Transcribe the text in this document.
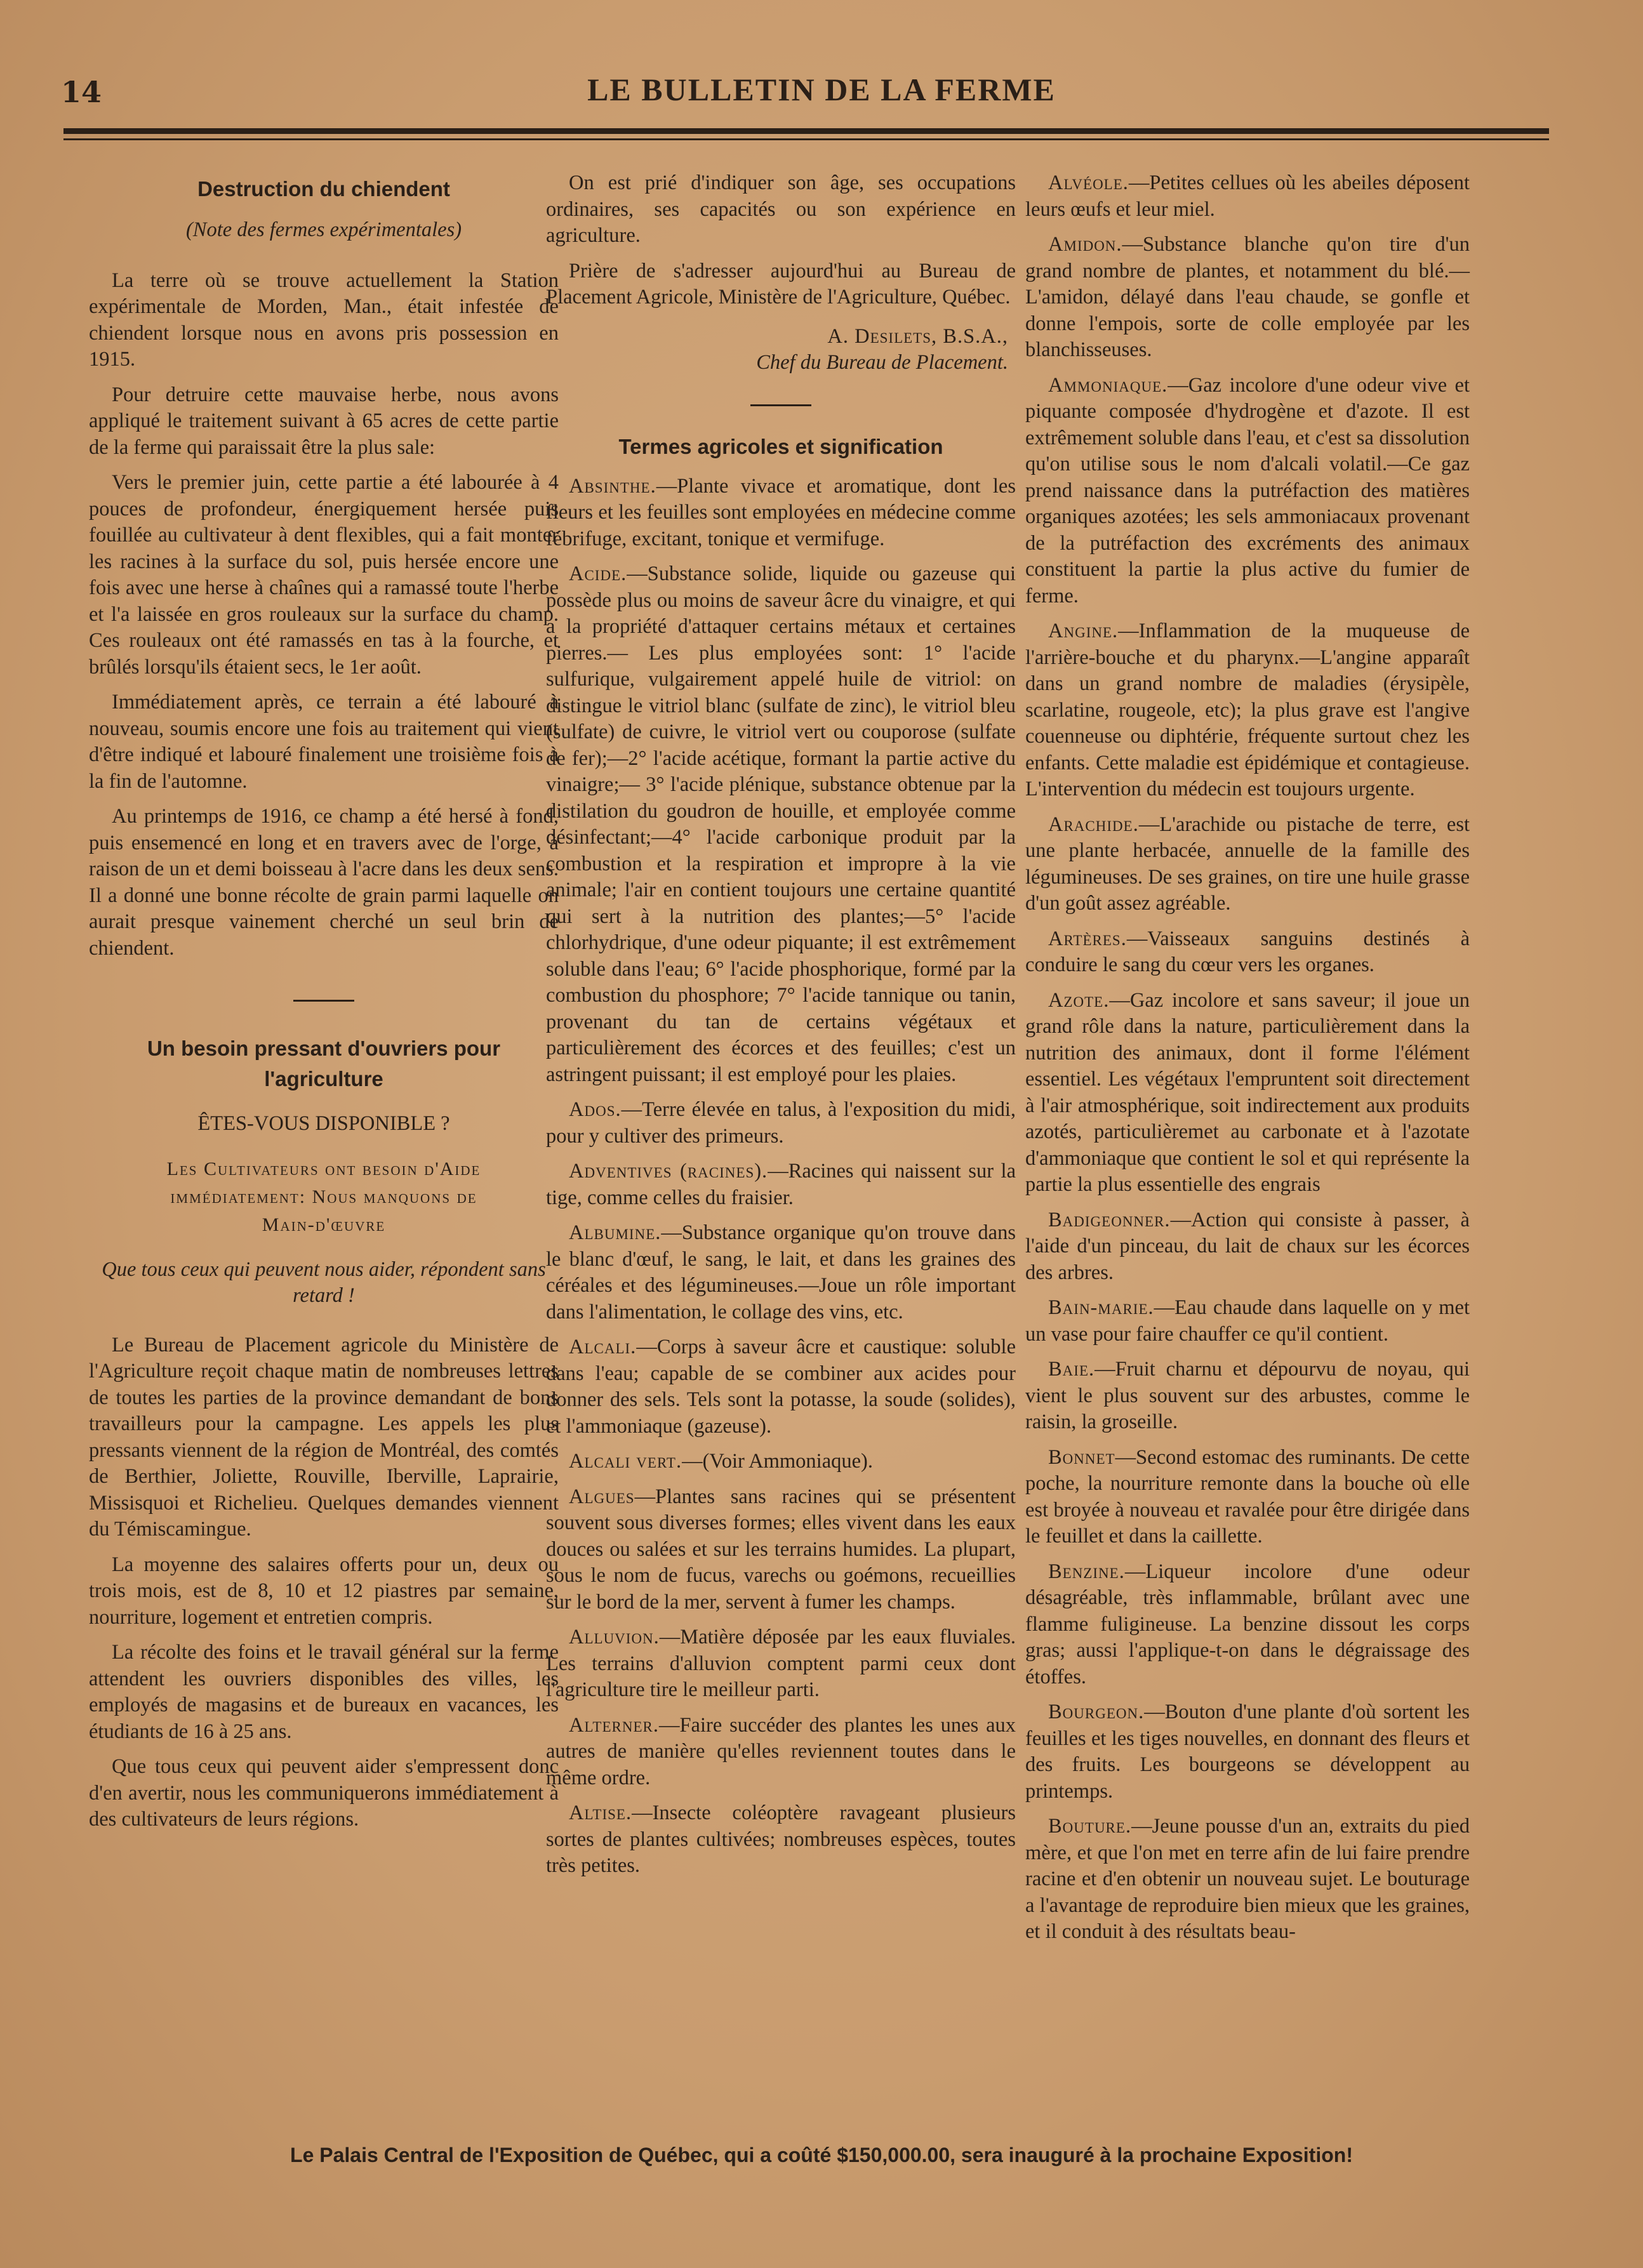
14	LE BULLETIN DE LA FERME
Destruction du chiendent
(Note des fermes expérimentales)

La terre où se trouve actuellement la Station expérimentale de Morden, Man., était infestée de chiendent lorsque nous en avons pris possession en 1915.

Pour detruire cette mauvaise herbe, nous avons appliqué le traitement suivant à 65 acres de cette partie de la ferme qui paraissait être la plus sale:

Vers le premier juin, cette partie a été labourée à 4 pouces de profondeur, énergiquement hersée puis fouillée au cultivateur à dent flexibles, qui a fait monter les racines à la surface du sol, puis hersée encore une fois avec une herse à chaînes qui a ramassé toute l'herbe et l'a laissée en gros rouleaux sur la surface du champ. Ces rouleaux ont été ramassés en tas à la fourche, et brûlés lorsqu'ils étaient secs, le 1er août.

Immédiatement après, ce terrain a été labouré à nouveau, soumis encore une fois au traitement qui vient d'être indiqué et labouré finalement une troisième fois à la fin de l'automne.

Au printemps de 1916, ce champ a été hersé à fond, puis ensemencé en long et en travers avec de l'orge, à raison de un et demi boisseau à l'acre dans les deux sens. Il a donné une bonne récolte de grain parmi laquelle on aurait presque vainement cherché un seul brin de chiendent.

Un besoin pressant d'ouvriers pour
l'agriculture
ÊTES-VOUS DISPONIBLE ?
Les Cultivateurs ont besoin d'Aide
immédiatement: Nous manquons de
Main-d'œuvre
Que tous ceux qui peuvent nous aider, répondent sans retard !

Le Bureau de Placement agricole du Ministère de l'Agriculture reçoit chaque matin de nombreuses lettres de toutes les parties de la province demandant de bons travailleurs pour la campagne. Les appels les plus pressants viennent de la région de Montréal, des comtés de Berthier, Joliette, Rouville, Iberville, Laprairie, Missisquoi et Richelieu. Quelques demandes viennent du Témiscamingue.

La moyenne des salaires offerts pour un, deux ou trois mois, est de 8, 10 et 12 piastres par semaine, nourriture, logement et entretien compris.

La récolte des foins et le travail général sur la ferme attendent les ouvriers disponibles des villes, les employés de magasins et de bureaux en vacances, les étudiants de 16 à 25 ans.

Que tous ceux qui peuvent aider s'empressent donc d'en avertir, nous les communiquerons immédiatement à des cultivateurs de leurs régions.

On est prié d'indiquer son âge, ses occupations ordinaires, ses capacités ou son expérience en agriculture.

Prière de s'adresser aujourd'hui au Bureau de Placement Agricole, Ministère de l'Agriculture, Québec.

A. Desilets, B.S.A.,
Chef du Bureau de Placement.
Termes agricoles et signification

Absinthe.—Plante vivace et aromatique, dont les fleurs et les feuilles sont employées en médecine comme fébrifuge, excitant, tonique et vermifuge.

Acide.—Substance solide, liquide ou gazeuse qui possède plus ou moins de saveur âcre du vinaigre, et qui a la propriété d'attaquer certains métaux et certaines pierres.— Les plus employées sont: 1° l'acide sulfurique, vulgairement appelé huile de vitriol: on distingue le vitriol blanc (sulfate de zinc), le vitriol bleu (sulfate) de cuivre, le vitriol vert ou couporose (sulfate de fer);—2° l'acide acétique, formant la partie active du vinaigre;— 3° l'acide plénique, substance obtenue par la distilation du goudron de houille, et employée comme désinfectant;—4° l'acide carbonique produit par la combustion et la respiration et impropre à la vie animale; l'air en contient toujours une certaine quantité qui sert à la nutrition des plantes;—5° l'acide chlorhydrique, d'une odeur piquante; il est extrêmement soluble dans l'eau; 6° l'acide phosphorique, formé par la combustion du phosphore; 7° l'acide tannique ou tanin, provenant du tan de certains végétaux et particulièrement des écorces et des feuilles; c'est un astringent puissant; il est employé pour les plaies.

Ados.—Terre élevée en talus, à l'exposition du midi, pour y cultiver des primeurs.

Adventives (racines).—Racines qui naissent sur la tige, comme celles du fraisier.

Albumine.—Substance organique qu'on trouve dans le blanc d'œuf, le sang, le lait, et dans les graines des céréales et des légumineuses.—Joue un rôle important dans l'alimentation, le collage des vins, etc.

Alcali.—Corps à saveur âcre et caustique: soluble dans l'eau; capable de se combiner aux acides pour donner des sels. Tels sont la potasse, la soude (solides), et l'ammoniaque (gazeuse).

Alcali vert.—(Voir Ammoniaque).

Algues—Plantes sans racines qui se présentent souvent sous diverses formes; elles vivent dans les eaux douces ou salées et sur les terrains humides. La plupart, sous le nom de fucus, varechs ou goémons, recueillies sur le bord de la mer, servent à fumer les champs.

Alluvion.—Matière déposée par les eaux fluviales. Les terrains d'alluvion comptent parmi ceux dont l'agriculture tire le meilleur parti.

Alterner.—Faire succéder des plantes les unes aux autres de manière qu'elles reviennent toutes dans le même ordre.

Altise.—Insecte coléoptère ravageant plusieurs sortes de plantes cultivées; nombreuses espèces, toutes très petites.

Alvéole.—Petites cellues où les abeiles déposent leurs œufs et leur miel.

Amidon.—Substance blanche qu'on tire d'un grand nombre de plantes, et notamment du blé.—L'amidon, délayé dans l'eau chaude, se gonfle et donne l'empois, sorte de colle employée par les blanchisseuses.

Ammoniaque.—Gaz incolore d'une odeur vive et piquante composée d'hydrogène et d'azote. Il est extrêmement soluble dans l'eau, et c'est sa dissolution qu'on utilise sous le nom d'alcali volatil.—Ce gaz prend naissance dans la putréfaction des matières organiques azotées; les sels ammoniacaux provenant de la putréfaction des excréments des animaux constituent la partie la plus active du fumier de ferme.

Angine.—Inflammation de la muqueuse de l'arrière-bouche et du pharynx.—L'angine apparaît dans un grand nombre de maladies (érysipèle, scarlatine, rougeole, etc); la plus grave est l'angive couenneuse ou diphtérie, fréquente surtout chez les enfants. Cette maladie est épidémique et contagieuse. L'intervention du médecin est toujours urgente.

Arachide.—L'arachide ou pistache de terre, est une plante herbacée, annuelle de la famille des légumineuses. De ses graines, on tire une huile grasse d'un goût assez agréable.

Artères.—Vaisseaux sanguins destinés à conduire le sang du cœur vers les organes.

Azote.—Gaz incolore et sans saveur; il joue un grand rôle dans la nature, particulièrement dans la nutrition des animaux, dont il forme l'élément essentiel. Les végétaux l'empruntent soit directement à l'air atmosphérique, soit indirectement aux produits azotés, particulièremet au carbonate et à l'azotate d'ammoniaque que contient le sol et qui représente la partie la plus essentielle des engrais

Badigeonner.—Action qui consiste à passer, à l'aide d'un pinceau, du lait de chaux sur les écorces des arbres.

Bain-marie.—Eau chaude dans laquelle on y met un vase pour faire chauffer ce qu'il contient.

Baie.—Fruit charnu et dépourvu de noyau, qui vient le plus souvent sur des arbustes, comme le raisin, la groseille.

Bonnet—Second estomac des ruminants. De cette poche, la nourriture remonte dans la bouche où elle est broyée à nouveau et ravalée pour être dirigée dans le feuillet et dans la caillette.

Benzine.—Liqueur incolore d'une odeur désagréable, très inflammable, brûlant avec une flamme fuligineuse. La benzine dissout les corps gras; aussi l'applique-t-on dans le dégraissage des étoffes.

Bourgeon.—Bouton d'une plante d'où sortent les feuilles et les tiges nouvelles, en donnant des fleurs et des fruits. Les bourgeons se développent au printemps.

Bouture.—Jeune pousse d'un an, extraits du pied mère, et que l'on met en terre afin de lui faire prendre racine et d'en obtenir un nouveau sujet. Le bouturage a l'avantage de reproduire bien mieux que les graines, et il conduit à des résultats beau-

Le Palais Central de l'Exposition de Québec, qui a coûté $150,000.00, sera inauguré à la prochaine Exposition!
